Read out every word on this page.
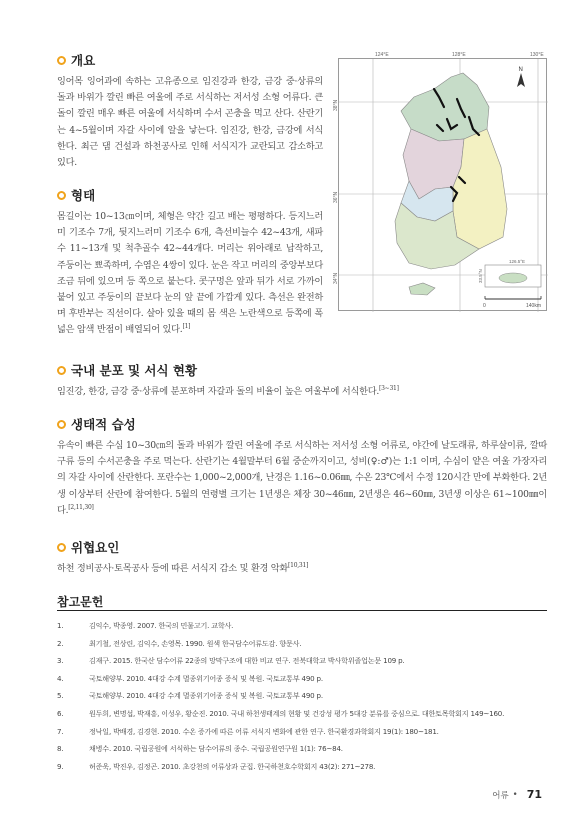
개요

잉어목 잉어과에 속하는 고유종으로 임진강과 한강, 금강 중·상류의 돌과 바위가 깔린 빠른 여울에 주로 서식하는 저서성 소형 어류다. 큰 돌이 깔린 매우 빠른 여울에 서식하며 수서 곤충을 먹고 산다. 산란기는 4~5월이며 자갈 사이에 알을 낳는다. 임진강, 한강, 금강에 서식한다. 최근 댐 건설과 하천공사로 인해 서식지가 교란되고 감소하고 있다.

형태

몸길이는 10~13㎝이며, 체형은 약간 길고 배는 평평하다. 등지느러미 기조수 7개, 뒷지느러미 기조수 6개, 측선비늘수 42~43개, 새파수 11~13개 및 척추골수 42~44개다. 머리는 위아래로 납작하고, 주둥이는 뾰족하며, 수염은 4쌍이 있다. 눈은 작고 머리의 중앙부보다 조금 뒤에 있으며 등 쪽으로 붙는다. 콧구멍은 앞과 뒤가 서로 가까이 붙어 있고 주둥이의 끝보다 눈의 앞 끝에 가깝게 있다. 측선은 완전하며 후반부는 직선이다. 살아 있을 때의 몸 색은 노란색으로 등쪽에 폭넓은 암색 반점이 배열되어 있다.[1]

124°E	128°E	130°E
38°N
36°N
34°N
N
126.5°E
33.5°N
0	140km
국내 분포 및 서식 현황

임진강, 한강, 금강 중·상류에 분포하며 자갈과 돌의 비율이 높은 여울부에 서식한다.[3~31]

생태적 습성

유속이 빠른 수심 10~30㎝의 돌과 바위가 깔린 여울에 주로 서식하는 저서성 소형 어류로, 야간에 날도래류, 하루살이류, 깔따구류 등의 수서곤충을 주로 먹는다. 산란기는 4월말부터 6월 중순까지이고, 성비(♀:♂)는 1:1 이며, 수심이 얕은 여울 가장자리의 자갈 사이에 산란한다. 포란수는 1,000~2,000개, 난경은 1.16~0.06㎜, 수온 23℃에서 수정 120시간 만에 부화한다. 2년생 이상부터 산란에 참여한다. 5월의 연령별 크기는 1년생은 체장 30~46㎜, 2년생은 46~60㎜, 3년생 이상은 61~100㎜이다.[2,11,30]

위협요인

하천 정비공사·토목공사 등에 따른 서식지 감소 및 환경 악화[10,31]

참고문헌
1.	김익수, 박종영. 2007. 한국의 민물고기. 교학사.
2.	최기철, 전상린, 김익수, 손영목. 1990. 원색 한국담수어류도감. 향문사.
3.	김재구. 2015. 한국산 담수어류 22종의 망막구조에 대한 비교 연구. 전북대학교 박사학위졸업논문 109 p.
4.	국토해양부. 2010. 4대강 수계 멸종위기어종 증식 및 복원. 국토교통부 490 p.
5.	국토해양부. 2010. 4대강 수계 멸종위기어종 증식 및 복원. 국토교통부 490 p.
6.	원두희, 변명섭, 박재흥, 이성우, 황순진. 2010. 국내 하천생태계의 현황 및 건강성 평가 5대강 분류를 중심으로. 대한토목학회지 149~160.
7.	정낙일, 박배경, 김경현. 2010. 수온 증가에 따른 어류 서식지 변화에 관한 연구. 한국환경과학회지 19(1): 180~181.
8.	채병수. 2010. 국립공원에 서식하는 담수어류의 종수. 국립공원연구원 1(1): 76~84.
9.	허준욱, 박진우, 김정곤. 2010. 초강천의 어류상과 군집. 한국하천호수학회지 43(2): 271~278.
어류 • 71
